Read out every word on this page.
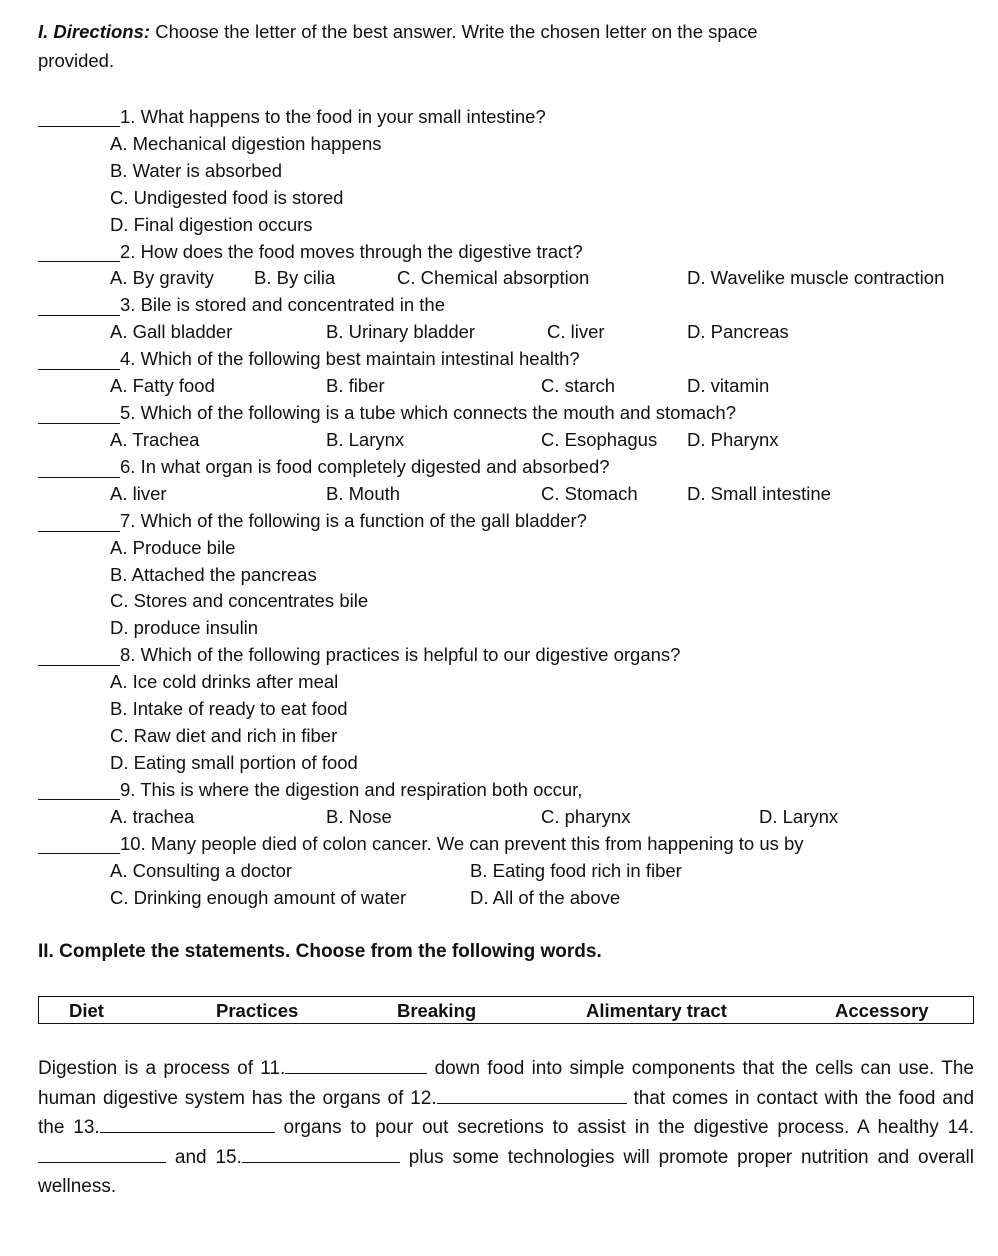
I. Directions: Choose the letter of the best answer. Write the chosen letter on the space
provided.
1. What happens to the food in your small intestine?
A. Mechanical digestion happens
B. Water is absorbed
C. Undigested food is stored
D. Final digestion occurs
2. How does the food moves through the digestive tract?
A. By gravity B. By cilia	C. Chemical absorption	D. Wavelike muscle contraction
3. Bile is stored and concentrated in the
A. Gall bladder	B. Urinary bladder	C. liver	D. Pancreas
4. Which of the following best maintain intestinal health?
A. Fatty food	B. fiber	C. starch	D. vitamin
5. Which of the following is a tube which connects the mouth and stomach?
A. Trachea	B. Larynx	C. Esophagus D. Pharynx
6. In what organ is food completely digested and absorbed?
A. liver	B. Mouth	C. Stomach	D. Small intestine
7. Which of the following is a function of the gall bladder?
A. Produce bile
B. Attached the pancreas
C. Stores and concentrates bile
D. produce insulin
8. Which of the following practices is helpful to our digestive organs?
A. Ice cold drinks after meal
B. Intake of ready to eat food
C. Raw diet and rich in fiber
D. Eating small portion of food
9. This is where the digestion and respiration both occur,
A. trachea	B. Nose	C. pharynx	D. Larynx
10. Many people died of colon cancer. We can prevent this from happening to us by
A. Consulting a doctor	B. Eating food rich in fiber
C. Drinking enough amount of water	D. All of the above
II. Complete the statements. Choose from the following words.
Diet	Practices	Breaking	Alimentary tract	Accessory
Digestion is a process of 11.	down food into simple components that the cells can use. The human digestive system has the organs of 12.	that comes in contact with the food and the 13.	organs to pour out secretions to assist in the digestive process. A healthy 14. and 15.	plus some technologies will promote proper nutrition and overall wellness.
